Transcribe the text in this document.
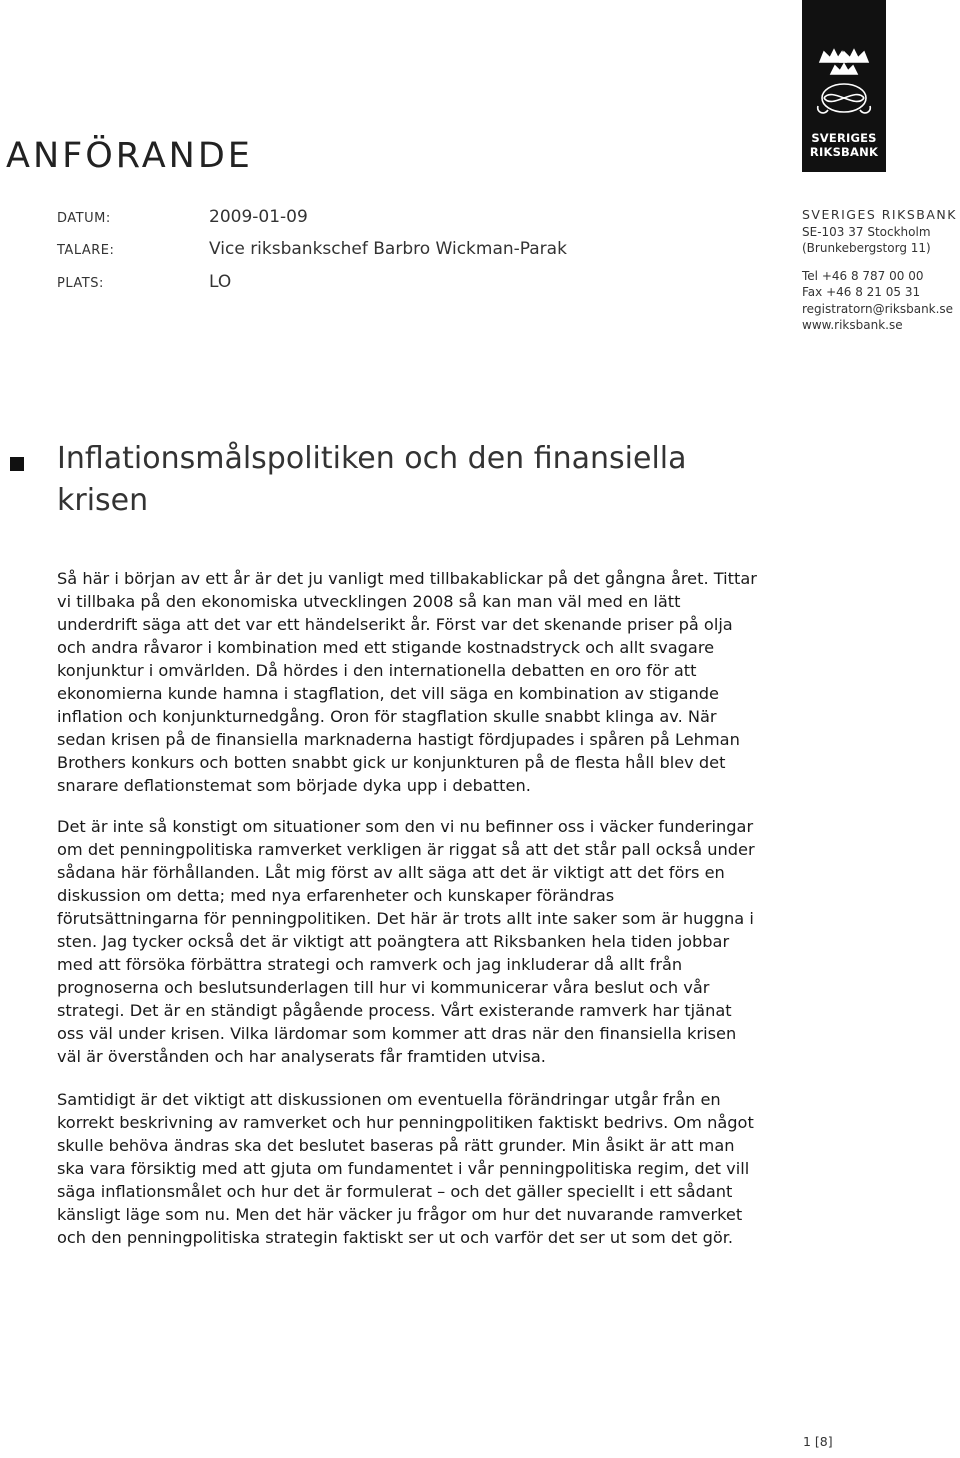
SVERIGES
RIKSBANK
ANFÖRANDE
DATUM:	2009-01-09
TALARE:	Vice riksbankschef Barbro Wickman-Parak
PLATS:	LO
SVERIGES RIKSBANK
SE-103 37 Stockholm
(Brunkebergstorg 11)
Tel +46 8 787 00 00
Fax +46 8 21 05 31
registratorn@riksbank.se
www.riksbank.se
Inflationsmålspolitiken och den finansiella krisen

Så här i början av ett år är det ju vanligt med tillbakablickar på det gångna året. Tittar vi tillbaka på den ekonomiska utvecklingen 2008 så kan man väl med en lätt underdrift säga att det var ett händelserikt år. Först var det skenande priser på olja och andra råvaror i kombination med ett stigande kostnadstryck och allt svagare konjunktur i omvärlden. Då hördes i den internationella debatten en oro för att ekonomierna kunde hamna i stagflation, det vill säga en kombination av stigande inflation och konjunkturnedgång. Oron för stagflation skulle snabbt klinga av. När sedan krisen på de finansiella marknaderna hastigt fördjupades i spåren på Lehman Brothers konkurs och botten snabbt gick ur konjunkturen på de flesta håll blev det snarare deflationstemat som började dyka upp i debatten.

Det är inte så konstigt om situationer som den vi nu befinner oss i väcker funderingar om det penningpolitiska ramverket verkligen är riggat så att det står pall också under sådana här förhållanden. Låt mig först av allt säga att det är viktigt att det förs en diskussion om detta; med nya erfarenheter och kunskaper förändras förutsättningarna för penningpolitiken. Det här är trots allt inte saker som är huggna i sten. Jag tycker också det är viktigt att poängtera att Riksbanken hela tiden jobbar med att försöka förbättra strategi och ramverk och jag inkluderar då allt från prognoserna och beslutsunderlagen till hur vi kommunicerar våra beslut och vår strategi. Det är en ständigt pågående process. Vårt existerande ramverk har tjänat oss väl under krisen. Vilka lärdomar som kommer att dras när den finansiella krisen väl är överstånden och har analyserats får framtiden utvisa.

Samtidigt är det viktigt att diskussionen om eventuella förändringar utgår från en korrekt beskrivning av ramverket och hur penningpolitiken faktiskt bedrivs. Om något skulle behöva ändras ska det beslutet baseras på rätt grunder. Min åsikt är att man ska vara försiktig med att gjuta om fundamentet i vår penningpolitiska regim, det vill säga inflationsmålet och hur det är formulerat – och det gäller speciellt i ett sådant känsligt läge som nu. Men det här väcker ju frågor om hur det nuvarande ramverket och den penningpolitiska strategin faktiskt ser ut och varför det ser ut som det gör.

1 [8]
